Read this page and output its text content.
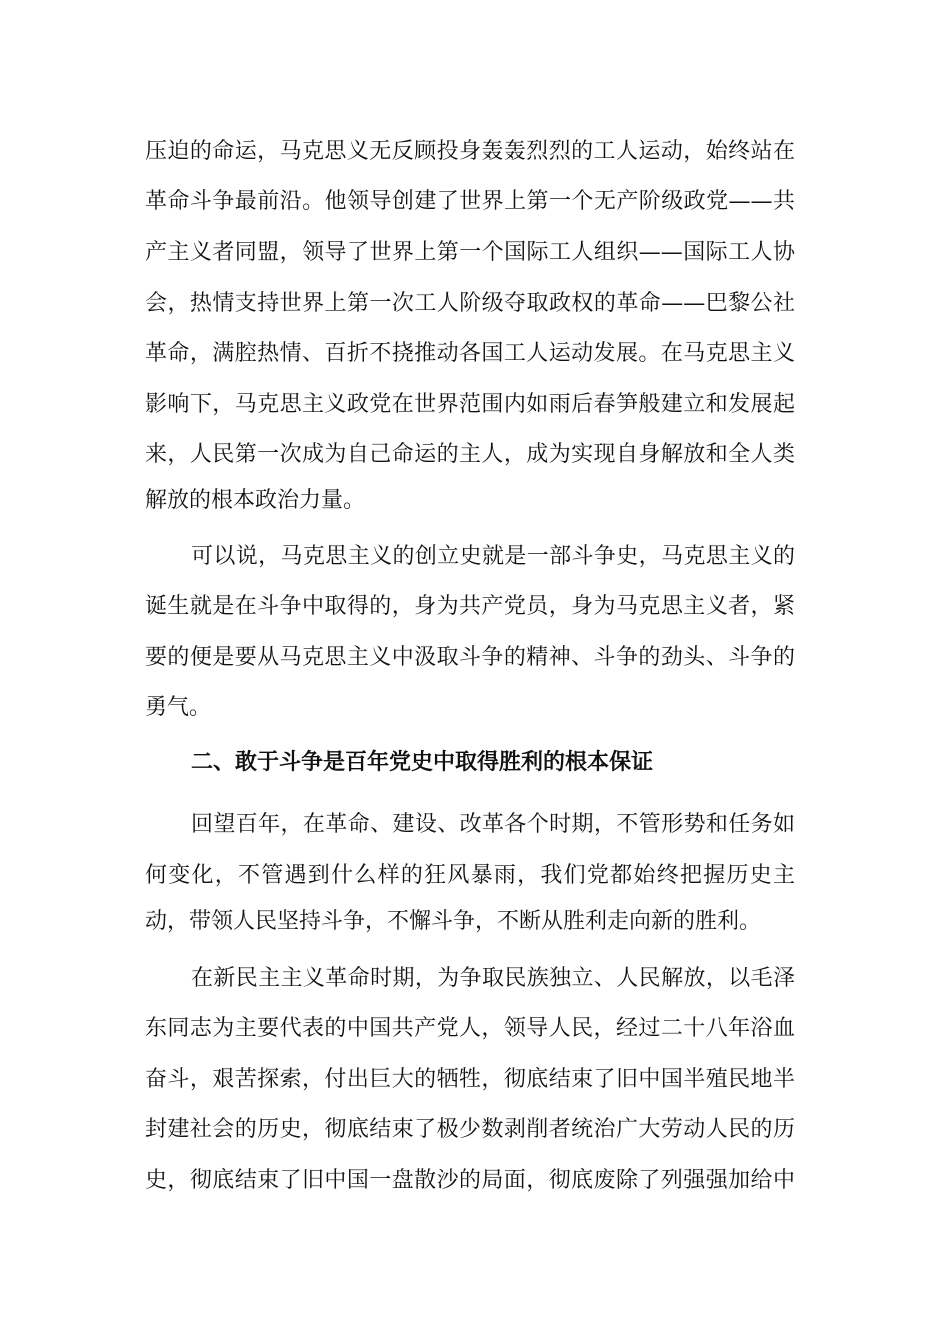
压迫的命运，马克思义无反顾投身轰轰烈烈的工人运动，始终站在
革命斗争最前沿。他领导创建了世界上第一个无产阶级政党——共
产主义者同盟，领导了世界上第一个国际工人组织——国际工人协
会，热情支持世界上第一次工人阶级夺取政权的革命——巴黎公社
革命，满腔热情、百折不挠推动各国工人运动发展。在马克思主义
影响下，马克思主义政党在世界范围内如雨后春笋般建立和发展起
来，人民第一次成为自己命运的主人，成为实现自身解放和全人类
解放的根本政治力量。
可以说，马克思主义的创立史就是一部斗争史，马克思主义的
诞生就是在斗争中取得的，身为共产党员，身为马克思主义者，紧
要的便是要从马克思主义中汲取斗争的精神、斗争的劲头、斗争的
勇气。
二、敢于斗争是百年党史中取得胜利的根本保证
回望百年，在革命、建设、改革各个时期，不管形势和任务如
何变化，不管遇到什么样的狂风暴雨，我们党都始终把握历史主
动，带领人民坚持斗争，不懈斗争，不断从胜利走向新的胜利。
在新民主主义革命时期，为争取民族独立、人民解放，以毛泽
东同志为主要代表的中国共产党人，领导人民，经过二十八年浴血
奋斗，艰苦探索，付出巨大的牺牲，彻底结束了旧中国半殖民地半
封建社会的历史，彻底结束了极少数剥削者统治广大劳动人民的历
史，彻底结束了旧中国一盘散沙的局面，彻底废除了列强强加给中
